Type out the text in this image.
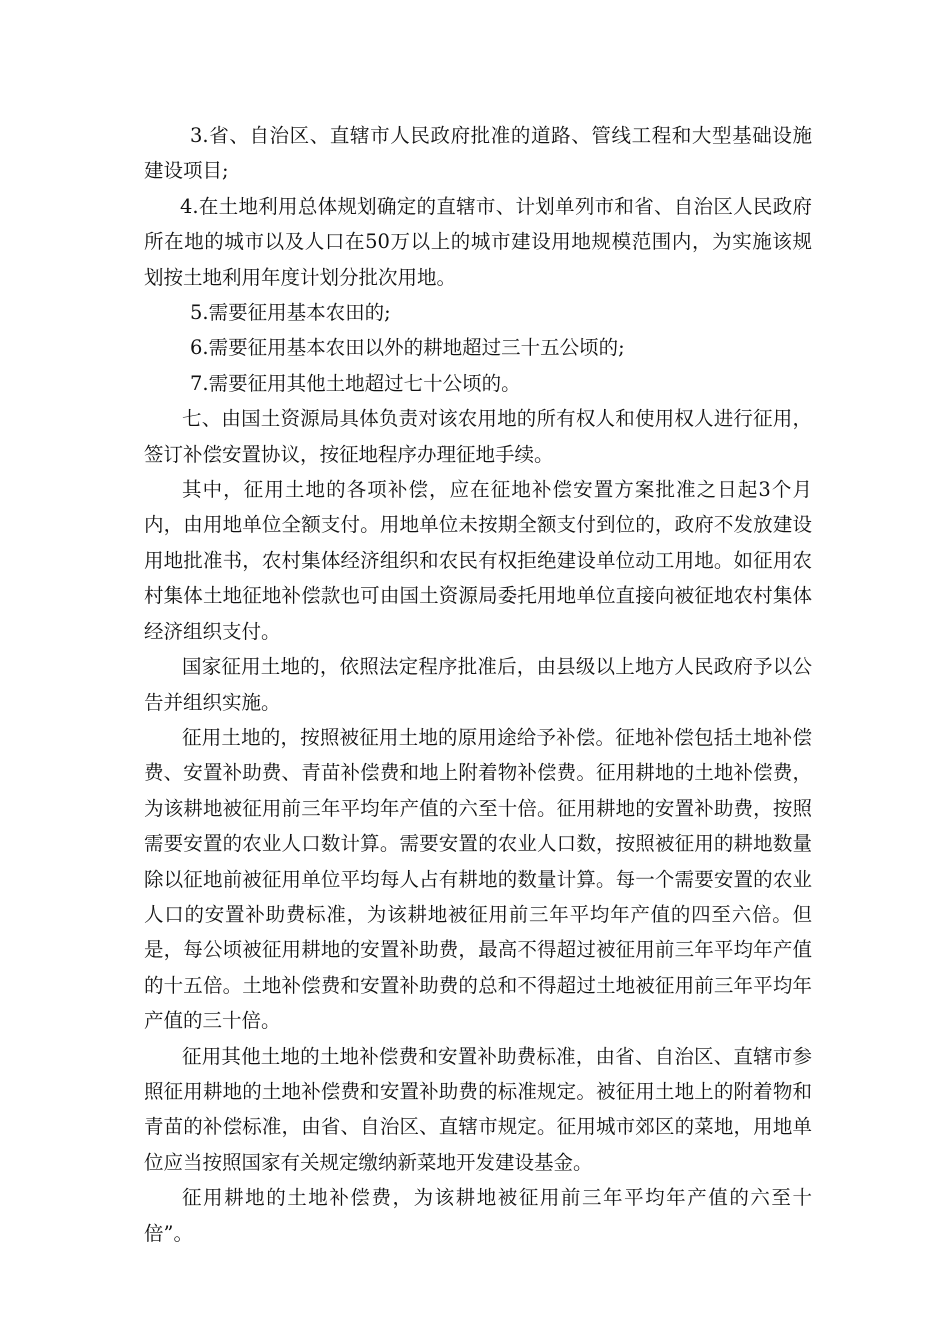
3.省、自治区、直辖市人民政府批准的道路、管线工程和大型基础设施建设项目;

4.在土地利用总体规划确定的直辖市、计划单列市和省、自治区人民政府所在地的城市以及人口在50万以上的城市建设用地规模范围内，为实施该规划按土地利用年度计划分批次用地。

5.需要征用基本农田的;

6.需要征用基本农田以外的耕地超过三十五公顷的;

7.需要征用其他土地超过七十公顷的。

七、由国土资源局具体负责对该农用地的所有权人和使用权人进行征用，签订补偿安置协议，按征地程序办理征地手续。

其中，征用土地的各项补偿，应在征地补偿安置方案批准之日起3个月内，由用地单位全额支付。用地单位未按期全额支付到位的，政府不发放建设用地批准书，农村集体经济组织和农民有权拒绝建设单位动工用地。如征用农村集体土地征地补偿款也可由国土资源局委托用地单位直接向被征地农村集体经济组织支付。

国家征用土地的，依照法定程序批准后，由县级以上地方人民政府予以公告并组织实施。

征用土地的，按照被征用土地的原用途给予补偿。征地补偿包括土地补偿费、安置补助费、青苗补偿费和地上附着物补偿费。征用耕地的土地补偿费，为该耕地被征用前三年平均年产值的六至十倍。征用耕地的安置补助费，按照需要安置的农业人口数计算。需要安置的农业人口数，按照被征用的耕地数量除以征地前被征用单位平均每人占有耕地的数量计算。每一个需要安置的农业人口的安置补助费标准，为该耕地被征用前三年平均年产值的四至六倍。但是，每公顷被征用耕地的安置补助费，最高不得超过被征用前三年平均年产值的十五倍。土地补偿费和安置补助费的总和不得超过土地被征用前三年平均年产值的三十倍。

征用其他土地的土地补偿费和安置补助费标准，由省、自治区、直辖市参照征用耕地的土地补偿费和安置补助费的标准规定。被征用土地上的附着物和青苗的补偿标准，由省、自治区、直辖市规定。征用城市郊区的菜地，用地单位应当按照国家有关规定缴纳新菜地开发建设基金。

征用耕地的土地补偿费，为该耕地被征用前三年平均年产值的六至十倍”。
